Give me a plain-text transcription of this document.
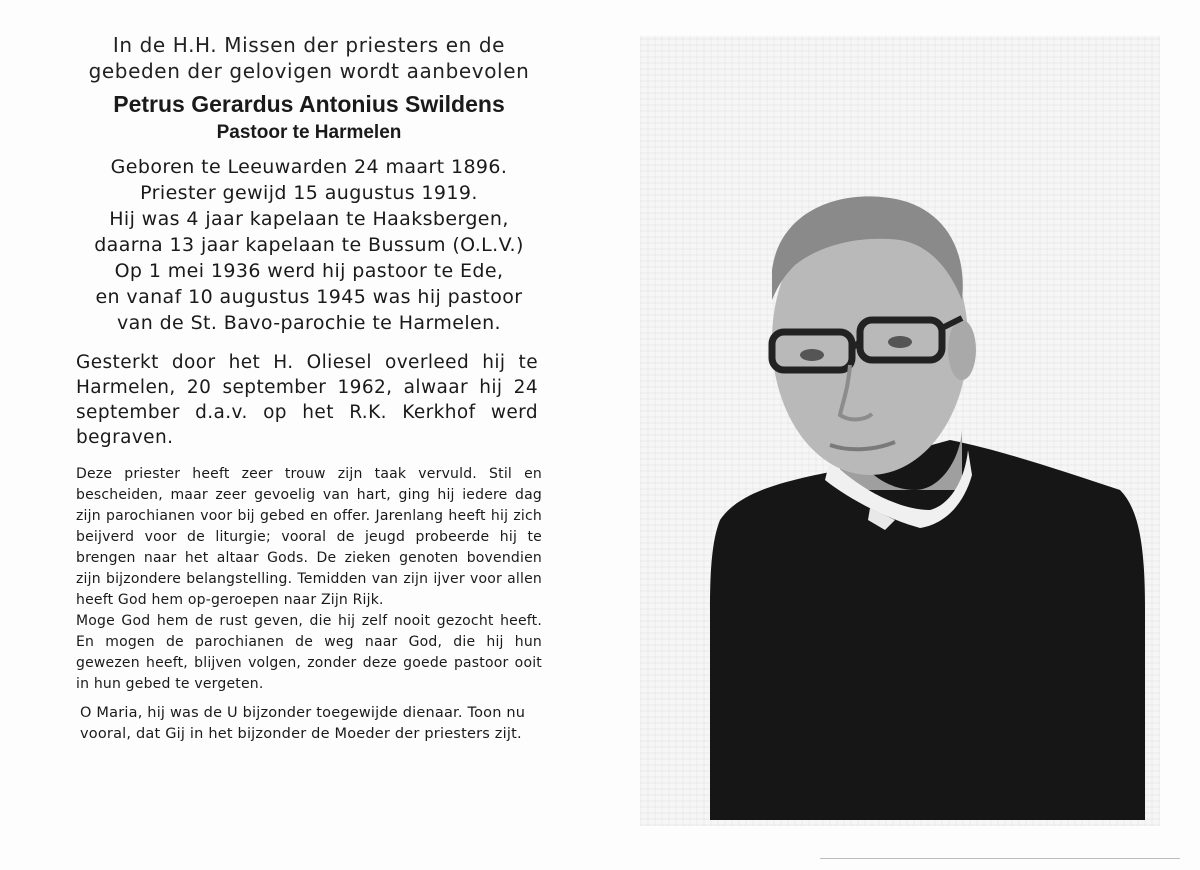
In de H.H. Missen der priesters en de
gebeden der gelovigen wordt aanbevolen
Petrus Gerardus Antonius Swildens
Pastoor te Harmelen
Geboren te Leeuwarden 24 maart 1896.
Priester gewijd 15 augustus 1919.
Hij was 4 jaar kapelaan te Haaksbergen,
daarna 13 jaar kapelaan te Bussum (O.L.V.)
Op 1 mei 1936 werd hij pastoor te Ede,
en vanaf 10 augustus 1945 was hij pastoor
van de St. Bavo-parochie te Harmelen.
Gesterkt door het H. Oliesel overleed hij te Harmelen, 20 september 1962, alwaar hij 24 september d.a.v. op het R.K. Kerkhof werd begraven.

Deze priester heeft zeer trouw zijn taak vervuld. Stil en bescheiden, maar zeer gevoelig van hart, ging hij iedere dag zijn parochianen voor bij gebed en offer. Jarenlang heeft hij zich beijverd voor de liturgie; vooral de jeugd probeerde hij te brengen naar het altaar Gods. De zieken genoten bovendien zijn bijzondere belangstelling. Temidden van zijn ijver voor allen heeft God hem op-geroepen naar Zijn Rijk.

Moge God hem de rust geven, die hij zelf nooit gezocht heeft. En mogen de parochianen de weg naar God, die hij hun gewezen heeft, blijven volgen, zonder deze goede pastoor ooit in hun gebed te vergeten.

O Maria, hij was de U bijzonder toegewijde dienaar. Toon nu vooral, dat Gij in het bijzonder de Moeder der priesters zijt.
